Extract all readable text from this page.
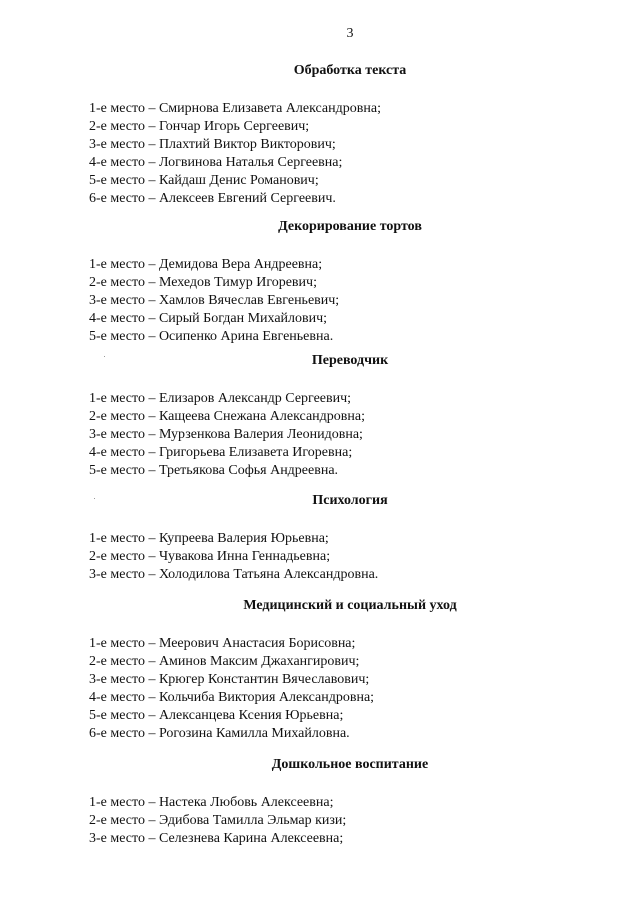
3
Обработка текста
1-е место – Смирнова Елизавета Александровна;
2-е место – Гончар Игорь Сергеевич;
3-е место – Плахтий Виктор Викторович;
4-е место – Логвинова Наталья Сергеевна;
5-е место – Кайдаш Денис Романович;
6-е место – Алексеев Евгений Сергеевич.
Декорирование тортов
1-е место – Демидова Вера Андреевна;
2-е место – Мехедов Тимур Игоревич;
3-е место – Хамлов Вячеслав Евгеньевич;
4-е место – Сирый Богдан Михайлович;
5-е место – Осипенко Арина Евгеньевна.
Переводчик
1-е место – Елизаров Александр Сергеевич;
2-е место – Кащеева Снежана Александровна;
3-е место – Мурзенкова Валерия Леонидовна;
4-е место – Григорьева Елизавета Игоревна;
5-е место – Третьякова Софья Андреевна.
Психология
1-е место – Купреева Валерия Юрьевна;
2-е место – Чувакова Инна Геннадьевна;
3-е место – Холодилова Татьяна Александровна.
Медицинский и социальный уход
1-е место – Меерович Анастасия Борисовна;
2-е место – Аминов Максим Джахангирович;
3-е место – Крюгер Константин Вячеславович;
4-е место – Кольчиба Виктория Александровна;
5-е место – Алексанцева Ксения Юрьевна;
6-е место – Рогозина Камилла Михайловна.
Дошкольное воспитание
1-е место – Настека Любовь Алексеевна;
2-е место – Эдибова Тамилла Эльмар кизи;
3-е место – Селезнева Карина Алексеевна;
